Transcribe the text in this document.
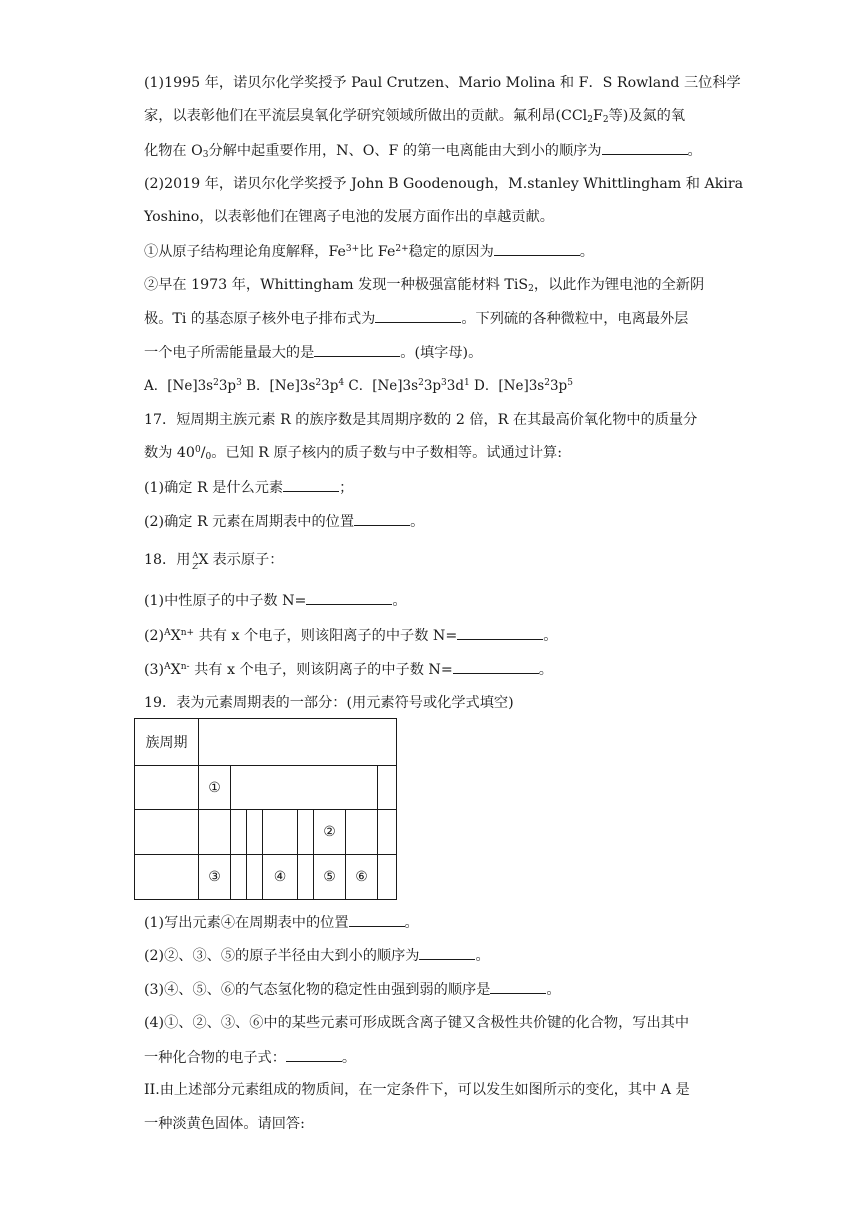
(1)1995 年，诺贝尔化学奖授予 Paul Crutzen、Mario Molina 和 F．S Rowland 三位科学
家，以表彰他们在平流层臭氧化学研究领域所做出的贡献。氟利昂($CCl_2F_2$等)及氮的氧
化物在 $O_3$分解中起重要作用，N、O、F 的第一电离能由大到小的顺序为	。
(2)2019 年，诺贝尔化学奖授予 John B Goodenough，M.stanley Whittlingham 和 Akira
Yoshino，以表彰他们在锂离子电池的发展方面作出的卓越贡献。
①从原子结构理论角度解释，$Fe^{3+}$比 $Fe^{2+}$稳定的原因为	。
②早在 1973 年，Whittingham 发现一种极强富能材料 TiS$_2$，以此作为锂电池的全新阴
极。Ti 的基态原子核外电子排布式为	。下列硫的各种微粒中，电离最外层
一个电子所需能量最大的是	。(填字母)。
A．$[Ne]3s^23p^3$ B．$[Ne]3s^23p^4$ C．$[Ne]3s^23p^33d^1$ D．$[Ne]3s^23p^5$
17．短周期主族元素 R 的族序数是其周期序数的 2 倍，R 在其最高价氧化物中的质量分
数为 $40^0/_0$。已知 R 原子核内的质子数与中子数相等。试通过计算:
(1)确定 R 是什么元素	；
(2)确定 R 元素在周期表中的位置	。
18．用 A
Z X 表示原子：
(1)中性原子的中子数 N=	。
$(2)^AX^{n+}$ 共有 x 个电子，则该阳离子的中子数 N=	。
$(3)^AX^{n-}$ 共有 x 个电子，则该阴离子的中子数 N=	。
19．表为元素周期表的一部分：(用元素符号或化学式填空)
族周期								
	①							
						②		
	③			④		⑤	⑥	
(1)写出元素④在周期表中的位置	。
(2)②、③、⑤的原子半径由大到小的顺序为	。
(3)④、⑤、⑥的气态氢化物的稳定性由强到弱的顺序是	。
(4)①、②、③、⑥中的某些元素可形成既含离子键又含极性共价键的化合物，写出其中
一种化合物的电子式：	。
II.由上述部分元素组成的物质间，在一定条件下，可以发生如图所示的变化，其中 A 是
一种淡黄色固体。请回答:
